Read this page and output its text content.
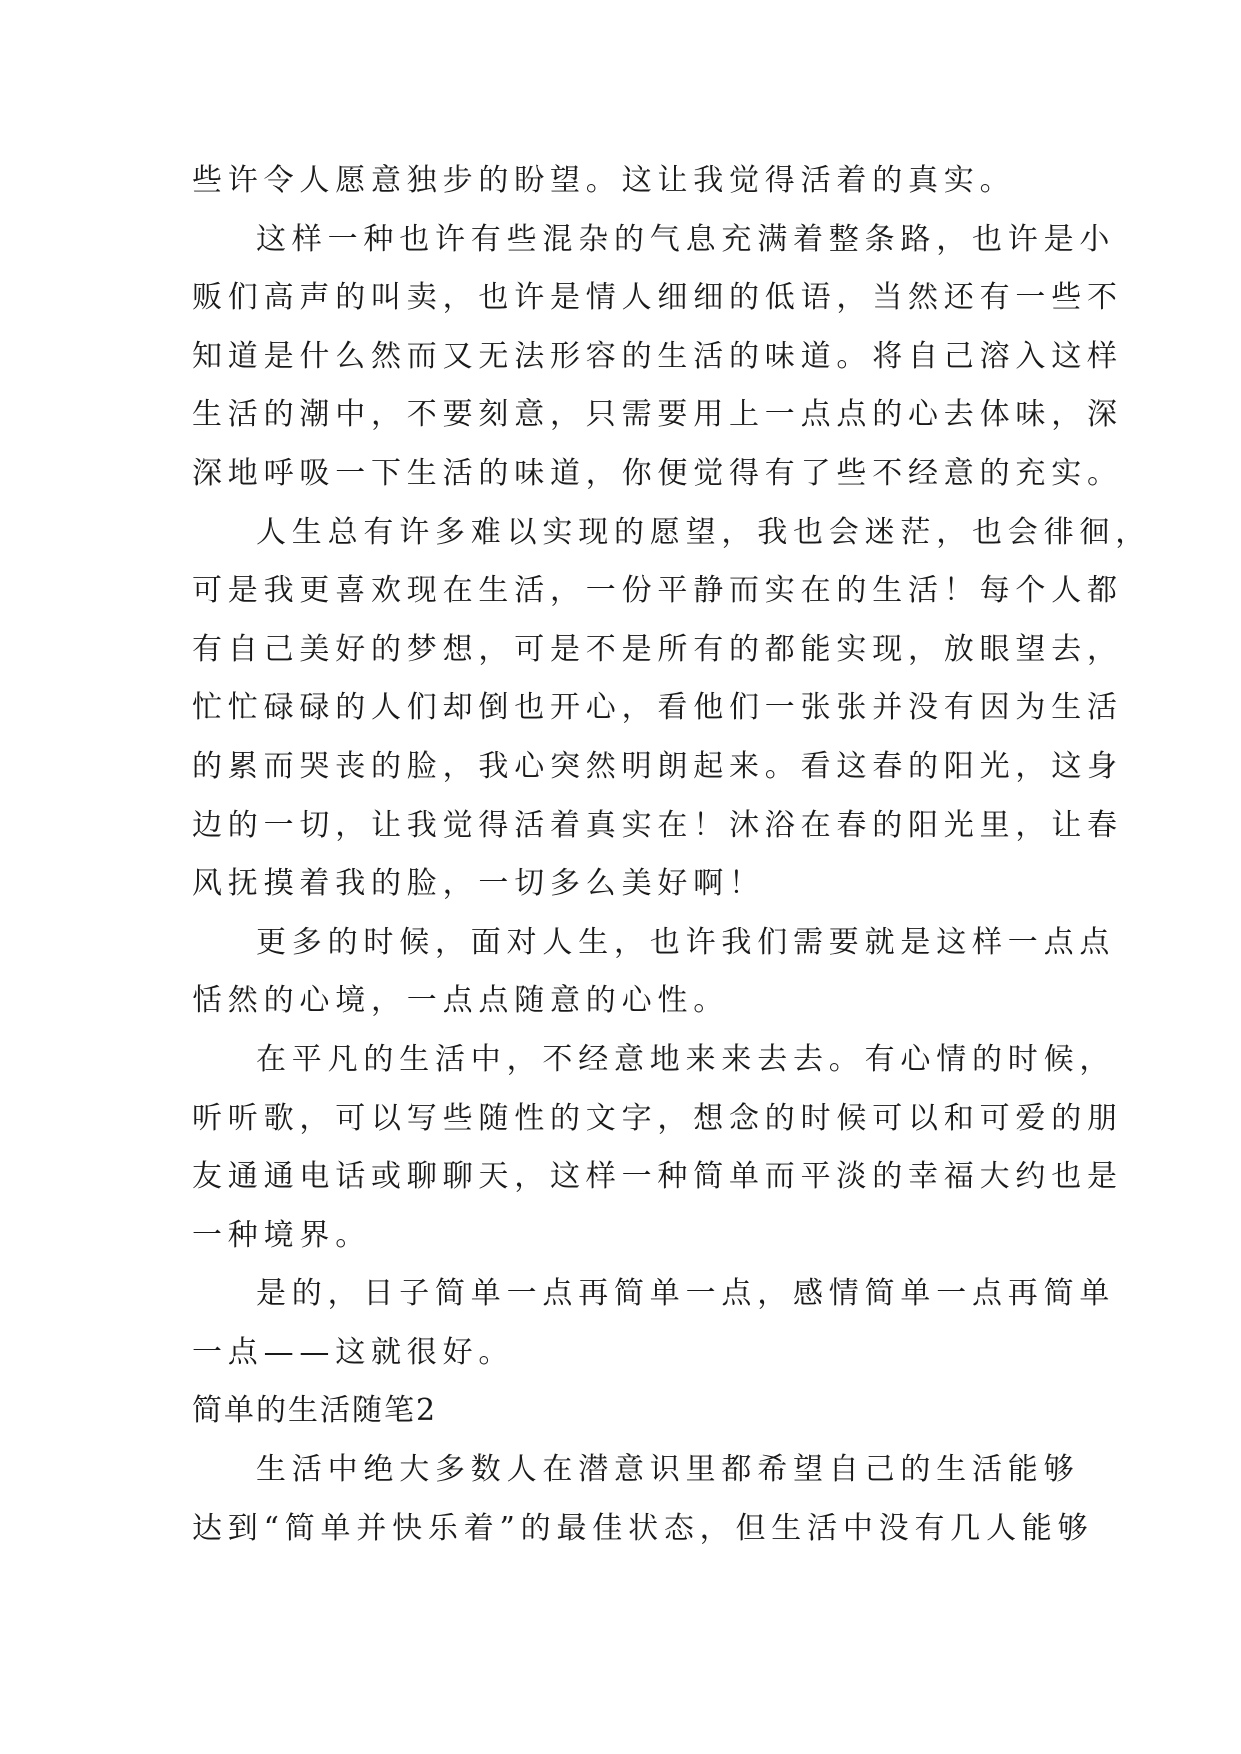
些许令人愿意独步的盼望。这让我觉得活着的真实。
这样一种也许有些混杂的气息充满着整条路，也许是小
贩们高声的叫卖，也许是情人细细的低语，当然还有一些不
知道是什么然而又无法形容的生活的味道。将自己溶入这样
生活的潮中，不要刻意，只需要用上一点点的心去体味，深
深地呼吸一下生活的味道，你便觉得有了些不经意的充实。
人生总有许多难以实现的愿望，我也会迷茫，也会徘徊，
可是我更喜欢现在生活，一份平静而实在的生活！每个人都
有自己美好的梦想，可是不是所有的都能实现，放眼望去，
忙忙碌碌的人们却倒也开心，看他们一张张并没有因为生活
的累而哭丧的脸，我心突然明朗起来。看这春的阳光，这身
边的一切，让我觉得活着真实在！沐浴在春的阳光里，让春
风抚摸着我的脸，一切多么美好啊！
更多的时候，面对人生，也许我们需要就是这样一点点
恬然的心境，一点点随意的心性。
在平凡的生活中，不经意地来来去去。有心情的时候，
听听歌，可以写些随性的文字，想念的时候可以和可爱的朋
友通通电话或聊聊天，这样一种简单而平淡的幸福大约也是
一种境界。
是的，日子简单一点再简单一点，感情简单一点再简单
一点——这就很好。
简单的生活随笔2
生活中绝大多数人在潜意识里都希望自己的生活能够
达到“简单并快乐着”的最佳状态，但生活中没有几人能够
